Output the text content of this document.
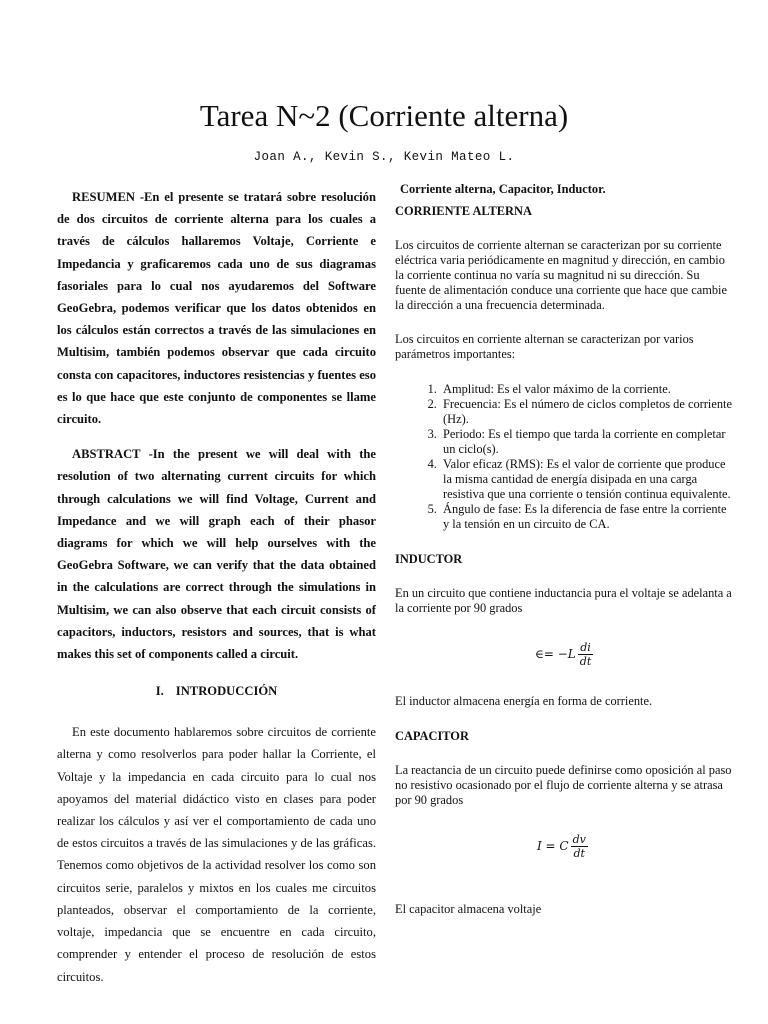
Tarea N~2 (Corriente alterna)
Joan A., Kevin S., Kevin Mateo L.

RESUMEN -En el presente se tratará sobre resolución de dos circuitos de corriente alterna para los cuales a través de cálculos hallaremos Voltaje, Corriente e Impedancia y graficaremos cada uno de sus diagramas fasoriales para lo cual nos ayudaremos del Software GeoGebra, podemos verificar que los datos obtenidos en los cálculos están correctos a través de las simulaciones en Multisim, también podemos observar que cada circuito consta con capacitores, inductores resistencias y fuentes eso es lo que hace que este conjunto de componentes se llame circuito.

ABSTRACT -In the present we will deal with the resolution of two alternating current circuits for which through calculations we will find Voltage, Current and Impedance and we will graph each of their phasor diagrams for which we will help ourselves with the GeoGebra Software, we can verify that the data obtained in the calculations are correct through the simulations in Multisim, we can also observe that each circuit consists of capacitors, inductors, resistors and sources, that is what makes this set of components called a circuit.

I. INTRODUCCIÓN

En este documento hablaremos sobre circuitos de corriente alterna y como resolverlos para poder hallar la Corriente, el Voltaje y la impedancia en cada circuito para lo cual nos apoyamos del material didáctico visto en clases para poder realizar los cálculos y así ver el comportamiento de cada uno de estos circuitos a través de las simulaciones y de las gráficas. Tenemos como objetivos de la actividad resolver los como son circuitos serie, paralelos y mixtos en los cuales me circuitos planteados, observar el comportamiento de la corriente, voltaje, impedancia que se encuentre en cada circuito, comprender y entender el proceso de resolución de estos circuitos.

Corriente alterna, Capacitor, Inductor.

CORRIENTE ALTERNA

Los circuitos de corriente alternan se caracterizan por su corriente eléctrica varia periódicamente en magnitud y dirección, en cambio la corriente continua no varía su magnitud ni su dirección. Su fuente de alimentación conduce una corriente que hace que cambie la dirección a una frecuencia determinada.

Los circuitos en corriente alternan se caracterizan por varios parámetros importantes:

1. Amplitud: Es el valor máximo de la corriente.
2. Frecuencia: Es el número de ciclos completos de corriente (Hz).
3. Periodo: Es el tiempo que tarda la corriente en completar un ciclo(s).
4. Valor eficaz (RMS): Es el valor de corriente que produce la misma cantidad de energía disipada en una carga resistiva que una corriente o tensión continua equivalente.
5. Ángulo de fase: Es la diferencia de fase entre la corriente y la tensión en un circuito de CA.

INDUCTOR

En un circuito que contiene inductancia pura el voltaje se adelanta a la corriente por 90 grados

∈= $-L \frac{di}{dt}$

El inductor almacena energía en forma de corriente.

CAPACITOR

La reactancia de un circuito puede definirse como oposición al paso no resistivo ocasionado por el flujo de corriente alterna y se atrasa por 90 grados

I = C $\frac{dv}{dt}$

El capacitor almacena voltaje
